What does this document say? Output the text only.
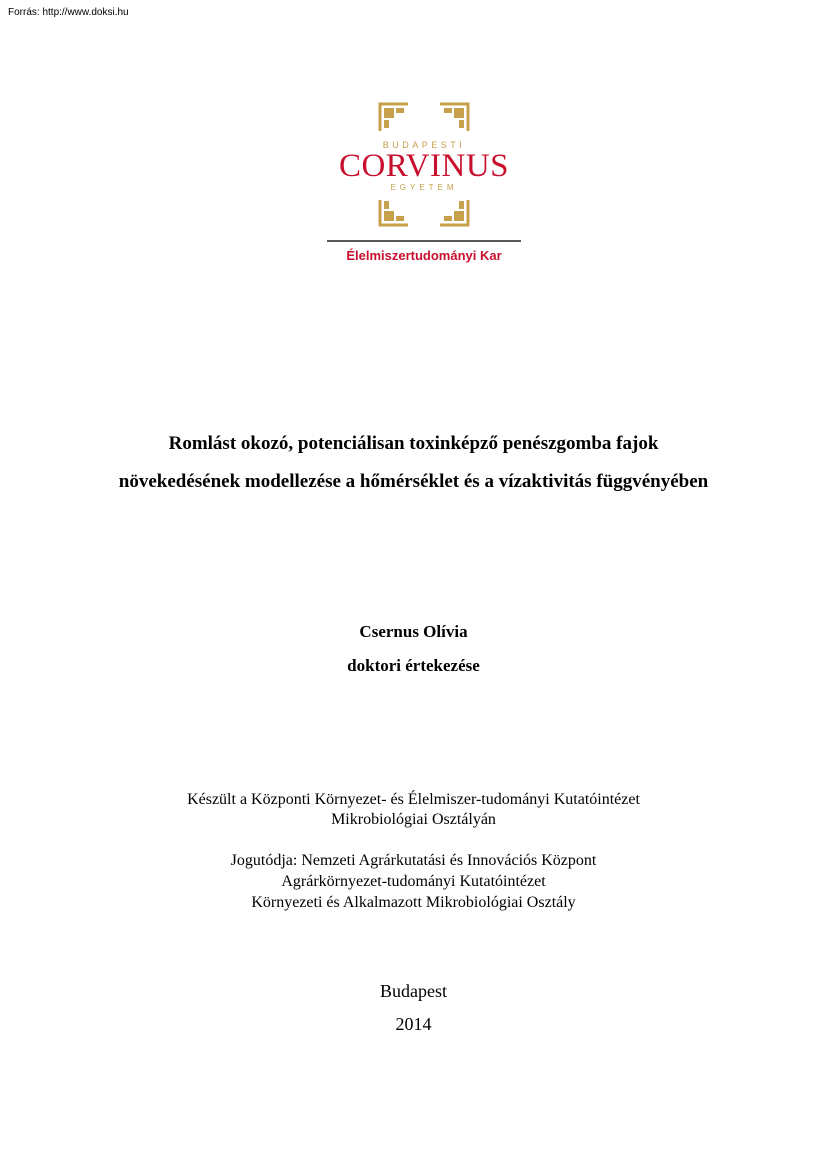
Forrás: http://www.doksi.hu
BUDAPESTI
CORVINUS
EGYETEM
Élelmiszertudományi Kar
Romlást okozó, potenciálisan toxinképző penészgomba fajok
növekedésének modellezése a hőmérséklet és a vízaktivitás függvényében
Csernus Olívia
doktori értekezése
Készült a Központi Környezet- és Élelmiszer-tudományi Kutatóintézet
Mikrobiológiai Osztályán
Jogutódja: Nemzeti Agrárkutatási és Innovációs Központ
Agrárkörnyezet-tudományi Kutatóintézet
Környezeti és Alkalmazott Mikrobiológiai Osztály
Budapest
2014
